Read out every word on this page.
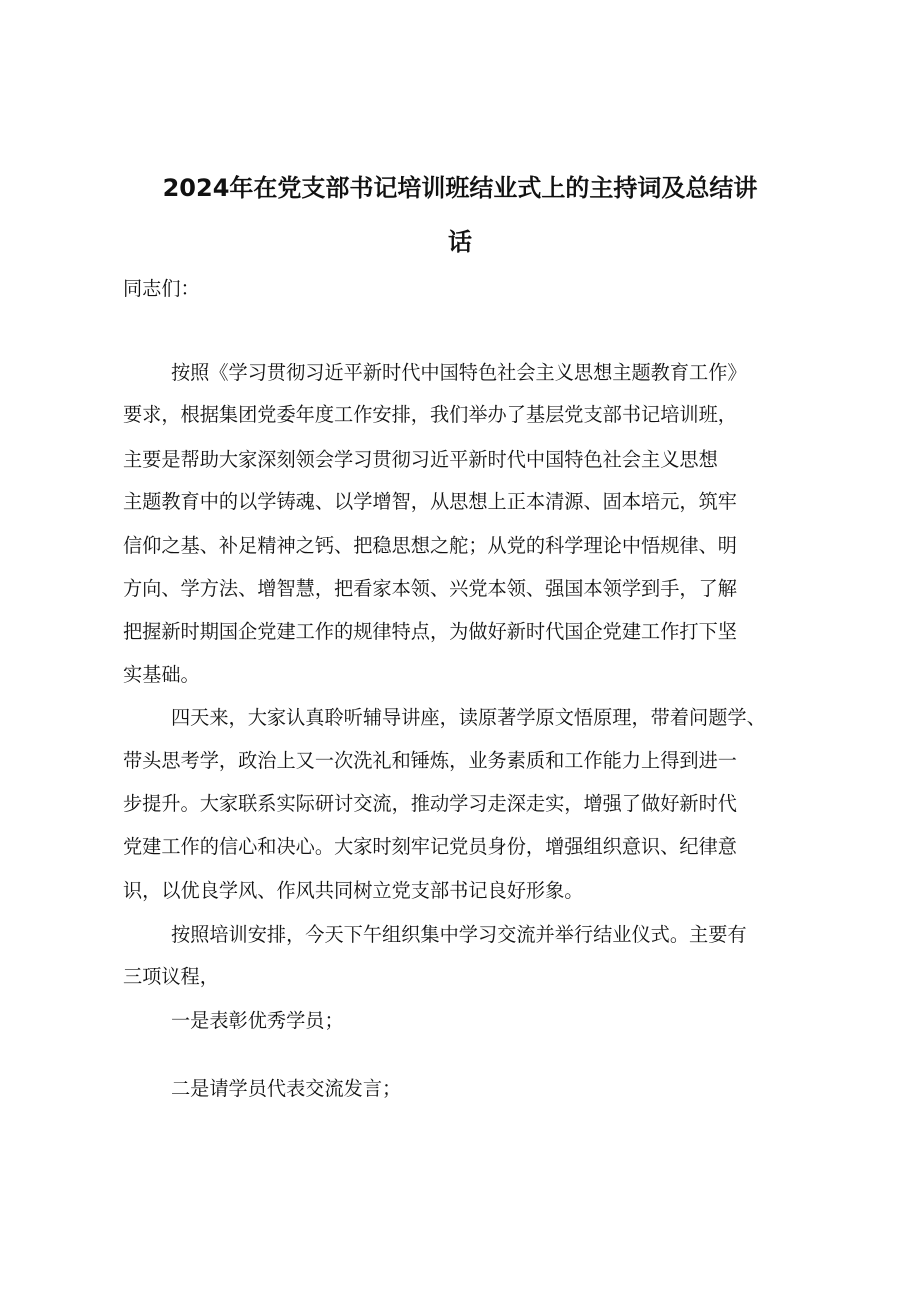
2024年在党支部书记培训班结业式上的主持词及总结讲
话

同志们：

按照《学习贯彻习近平新时代中国特色社会主义思想主题教育工作》

要求，根据集团党委年度工作安排，我们举办了基层党支部书记培训班，

主要是帮助大家深刻领会学习贯彻习近平新时代中国特色社会主义思想

主题教育中的以学铸魂、以学增智，从思想上正本清源、固本培元，筑牢

信仰之基、补足精神之钙、把稳思想之舵；从党的科学理论中悟规律、明

方向、学方法、增智慧，把看家本领、兴党本领、强国本领学到手，了解

把握新时期国企党建工作的规律特点，为做好新时代国企党建工作打下坚

实基础。

四天来，大家认真聆听辅导讲座，读原著学原文悟原理，带着问题学、

带头思考学，政治上又一次洗礼和锤炼，业务素质和工作能力上得到进一

步提升。大家联系实际研讨交流，推动学习走深走实，增强了做好新时代

党建工作的信心和决心。大家时刻牢记党员身份，增强组织意识、纪律意

识，以优良学风、作风共同树立党支部书记良好形象。

按照培训安排，今天下午组织集中学习交流并举行结业仪式。主要有

三项议程，

一是表彰优秀学员；

二是请学员代表交流发言；
